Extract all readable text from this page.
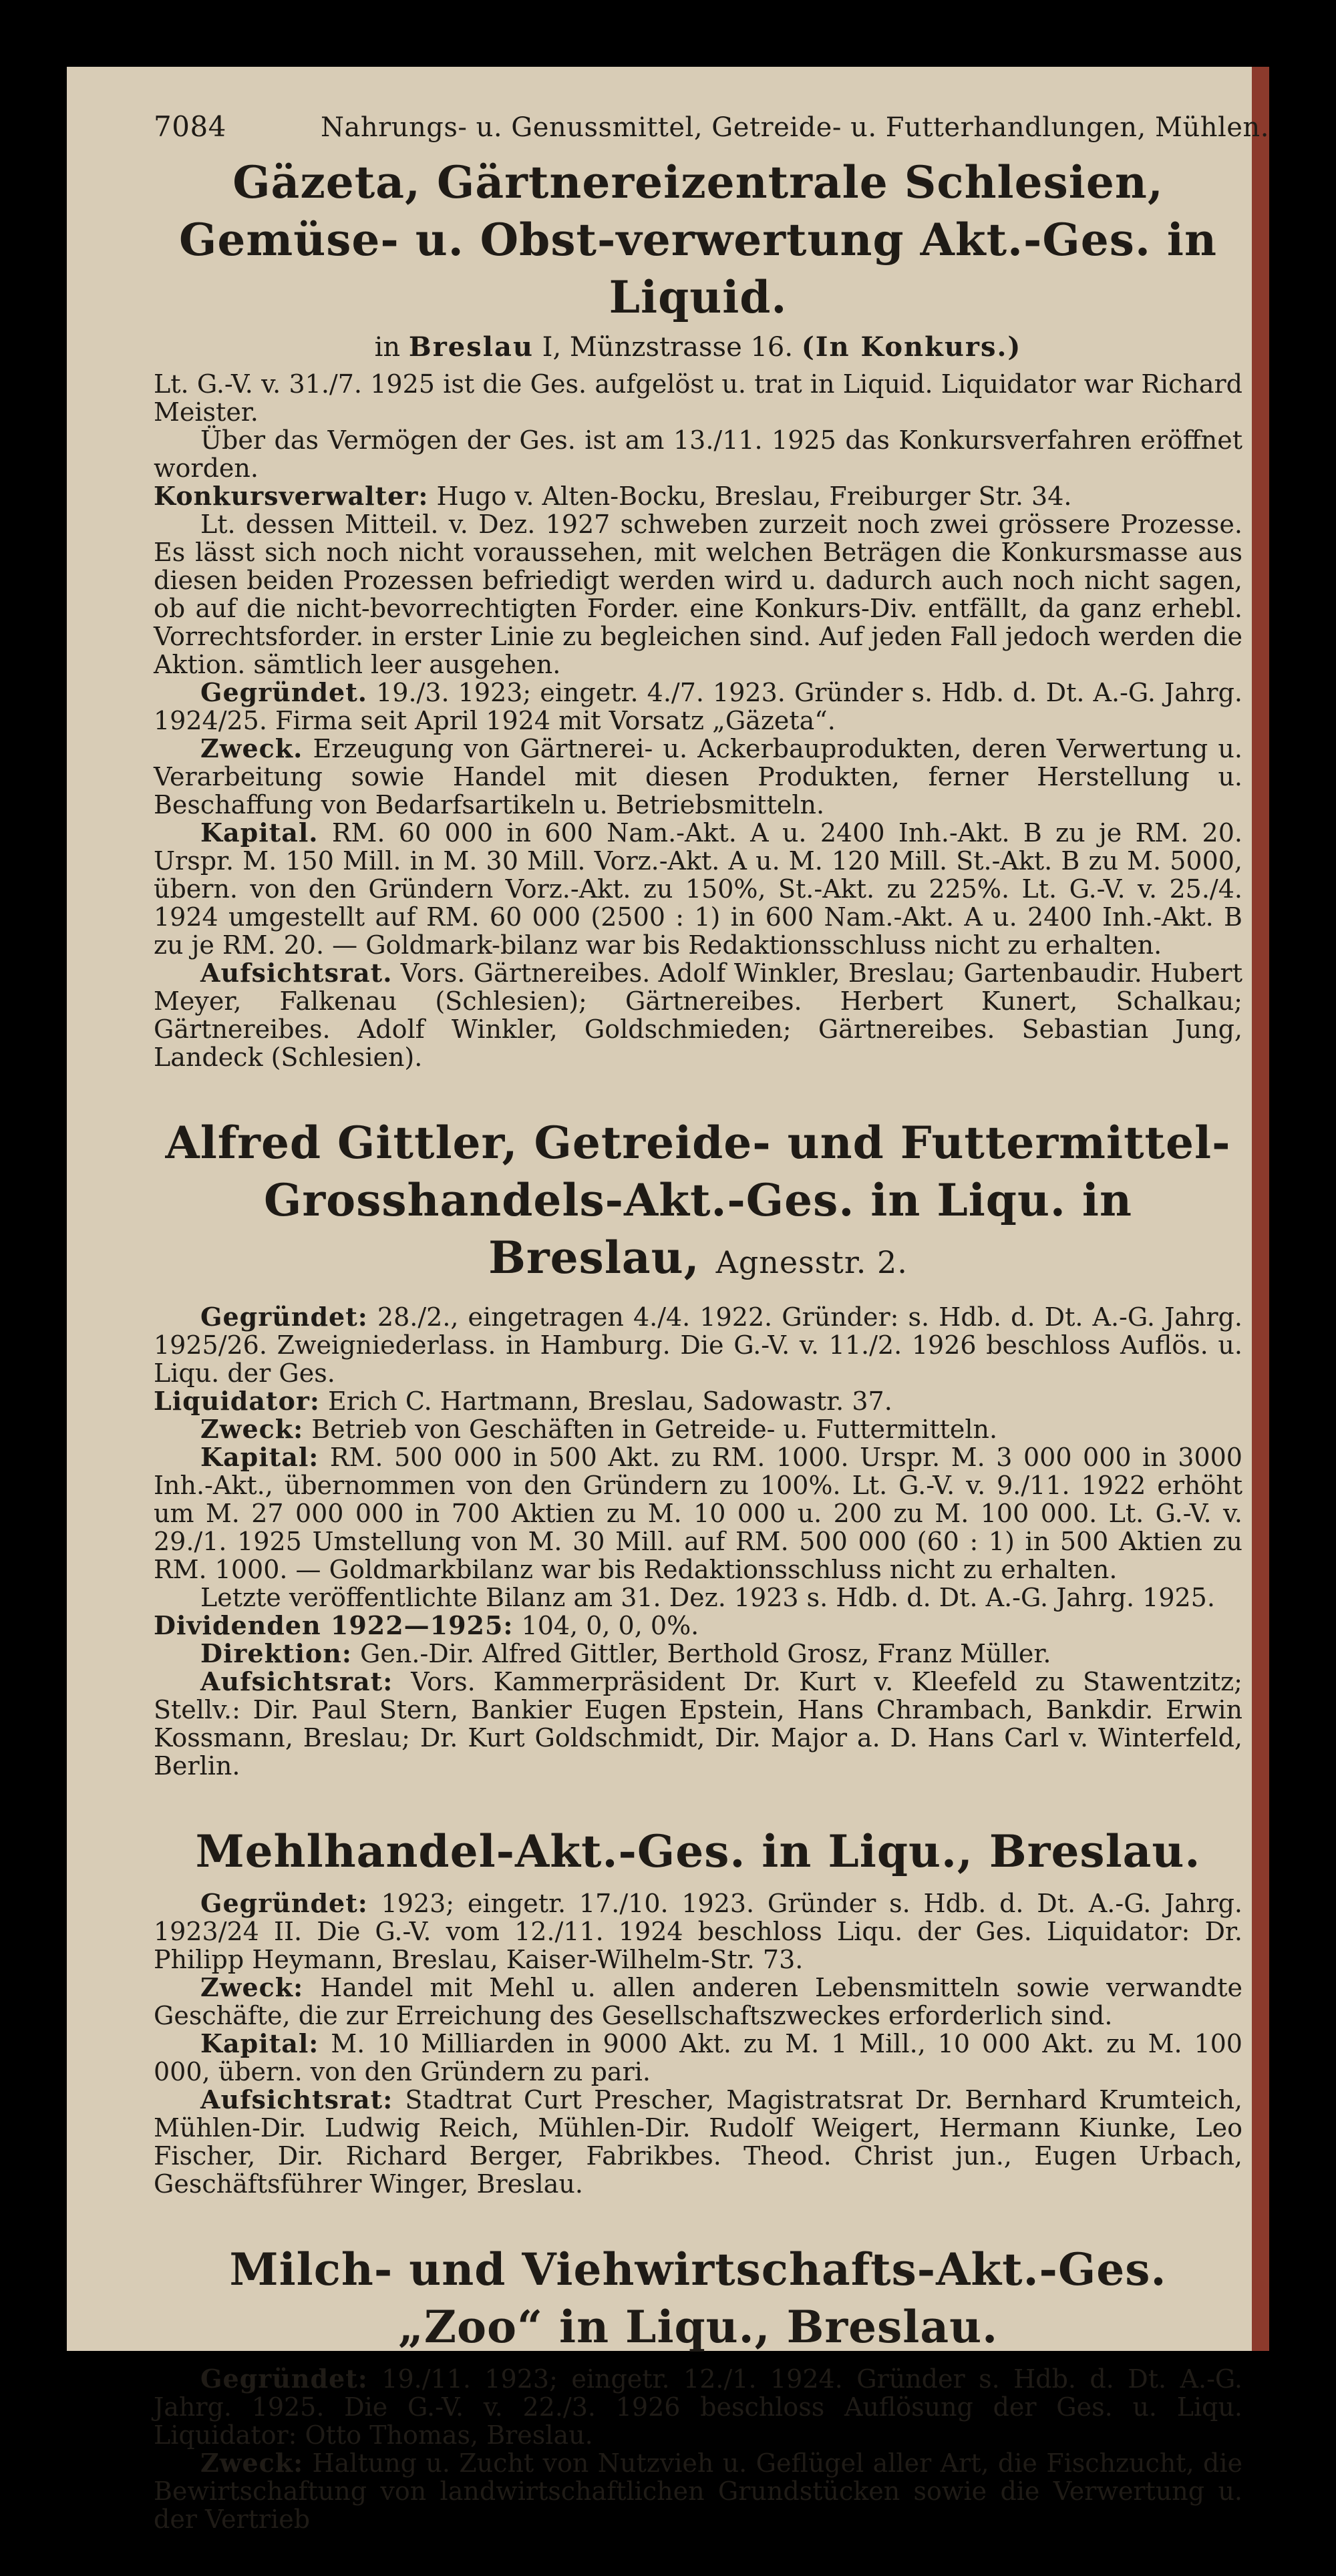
7084	Nahrungs- u. Genussmittel, Getreide- u. Futterhandlungen, Mühlen.
Gäzeta, Gärtnereizentrale Schlesien, Gemüse- u. Obst-verwertung Akt.-Ges. in Liquid.
in Breslau I, Münzstrasse 16. (In Konkurs.)

Lt. G.-V. v. 31./7. 1925 ist die Ges. aufgelöst u. trat in Liquid. Liquidator war Richard Meister.

Über das Vermögen der Ges. ist am 13./11. 1925 das Konkursverfahren eröffnet worden.

Konkursverwalter: Hugo v. Alten-Bocku, Breslau, Freiburger Str. 34.

Lt. dessen Mitteil. v. Dez. 1927 schweben zurzeit noch zwei grössere Prozesse. Es lässt sich noch nicht voraussehen, mit welchen Beträgen die Konkursmasse aus diesen beiden Prozessen befriedigt werden wird u. dadurch auch noch nicht sagen, ob auf die nicht-bevorrechtigten Forder. eine Konkurs-Div. entfällt, da ganz erhebl. Vorrechtsforder. in erster Linie zu begleichen sind. Auf jeden Fall jedoch werden die Aktion. sämtlich leer ausgehen.

Gegründet. 19./3. 1923; eingetr. 4./7. 1923. Gründer s. Hdb. d. Dt. A.-G. Jahrg. 1924/25. Firma seit April 1924 mit Vorsatz „Gäzeta“.

Zweck. Erzeugung von Gärtnerei- u. Ackerbauprodukten, deren Verwertung u. Verarbeitung sowie Handel mit diesen Produkten, ferner Herstellung u. Beschaffung von Bedarfsartikeln u. Betriebsmitteln.

Kapital. RM. 60 000 in 600 Nam.-Akt. A u. 2400 Inh.-Akt. B zu je RM. 20. Urspr. M. 150 Mill. in M. 30 Mill. Vorz.-Akt. A u. M. 120 Mill. St.-Akt. B zu M. 5000, übern. von den Gründern Vorz.-Akt. zu 150%, St.-Akt. zu 225%. Lt. G.-V. v. 25./4. 1924 umgestellt auf RM. 60 000 (2500 : 1) in 600 Nam.-Akt. A u. 2400 Inh.-Akt. B zu je RM. 20. — Goldmark-bilanz war bis Redaktionsschluss nicht zu erhalten.

Aufsichtsrat. Vors. Gärtnereibes. Adolf Winkler, Breslau; Gartenbaudir. Hubert Meyer, Falkenau (Schlesien); Gärtnereibes. Herbert Kunert, Schalkau; Gärtnereibes. Adolf Winkler, Goldschmieden; Gärtnereibes. Sebastian Jung, Landeck (Schlesien).

Alfred Gittler, Getreide- und Futtermittel-Grosshandels-Akt.-Ges. in Liqu. in Breslau, Agnesstr. 2.

Gegründet: 28./2., eingetragen 4./4. 1922. Gründer: s. Hdb. d. Dt. A.-G. Jahrg. 1925/26. Zweigniederlass. in Hamburg. Die G.-V. v. 11./2. 1926 beschloss Auflös. u. Liqu. der Ges.

Liquidator: Erich C. Hartmann, Breslau, Sadowastr. 37.

Zweck: Betrieb von Geschäften in Getreide- u. Futtermitteln.

Kapital: RM. 500 000 in 500 Akt. zu RM. 1000. Urspr. M. 3 000 000 in 3000 Inh.-Akt., übernommen von den Gründern zu 100%. Lt. G.-V. v. 9./11. 1922 erhöht um M. 27 000 000 in 700 Aktien zu M. 10 000 u. 200 zu M. 100 000. Lt. G.-V. v. 29./1. 1925 Umstellung von M. 30 Mill. auf RM. 500 000 (60 : 1) in 500 Aktien zu RM. 1000. — Goldmarkbilanz war bis Redaktionsschluss nicht zu erhalten.

Letzte veröffentlichte Bilanz am 31. Dez. 1923 s. Hdb. d. Dt. A.-G. Jahrg. 1925.

Dividenden 1922—1925: 104, 0, 0, 0%.

Direktion: Gen.-Dir. Alfred Gittler, Berthold Grosz, Franz Müller.

Aufsichtsrat: Vors. Kammerpräsident Dr. Kurt v. Kleefeld zu Stawentzitz; Stellv.: Dir. Paul Stern, Bankier Eugen Epstein, Hans Chrambach, Bankdir. Erwin Kossmann, Breslau; Dr. Kurt Goldschmidt, Dir. Major a. D. Hans Carl v. Winterfeld, Berlin.

Mehlhandel-Akt.-Ges. in Liqu., Breslau.

Gegründet: 1923; eingetr. 17./10. 1923. Gründer s. Hdb. d. Dt. A.-G. Jahrg. 1923/24 II. Die G.-V. vom 12./11. 1924 beschloss Liqu. der Ges. Liquidator: Dr. Philipp Heymann, Breslau, Kaiser-Wilhelm-Str. 73.

Zweck: Handel mit Mehl u. allen anderen Lebensmitteln sowie verwandte Geschäfte, die zur Erreichung des Gesellschaftszweckes erforderlich sind.

Kapital: M. 10 Milliarden in 9000 Akt. zu M. 1 Mill., 10 000 Akt. zu M. 100 000, übern. von den Gründern zu pari.

Aufsichtsrat: Stadtrat Curt Prescher, Magistratsrat Dr. Bernhard Krumteich, Mühlen-Dir. Ludwig Reich, Mühlen-Dir. Rudolf Weigert, Hermann Kiunke, Leo Fischer, Dir. Richard Berger, Fabrikbes. Theod. Christ jun., Eugen Urbach, Geschäftsführer Winger, Breslau.

Milch- und Viehwirtschafts-Akt.-Ges. „Zoo“ in Liqu., Breslau.

Gegründet: 19./11. 1923; eingetr. 12./1. 1924. Gründer s. Hdb. d. Dt. A.-G. Jahrg. 1925. Die G.-V. v. 22./3. 1926 beschloss Auflösung der Ges. u. Liqu. Liquidator: Otto Thomas, Breslau.

Zweck: Haltung u. Zucht von Nutzvieh u. Geflügel aller Art, die Fischzucht, die Bewirtschaftung von landwirtschaftlichen Grundstücken sowie die Verwertung u. der Vertrieb
